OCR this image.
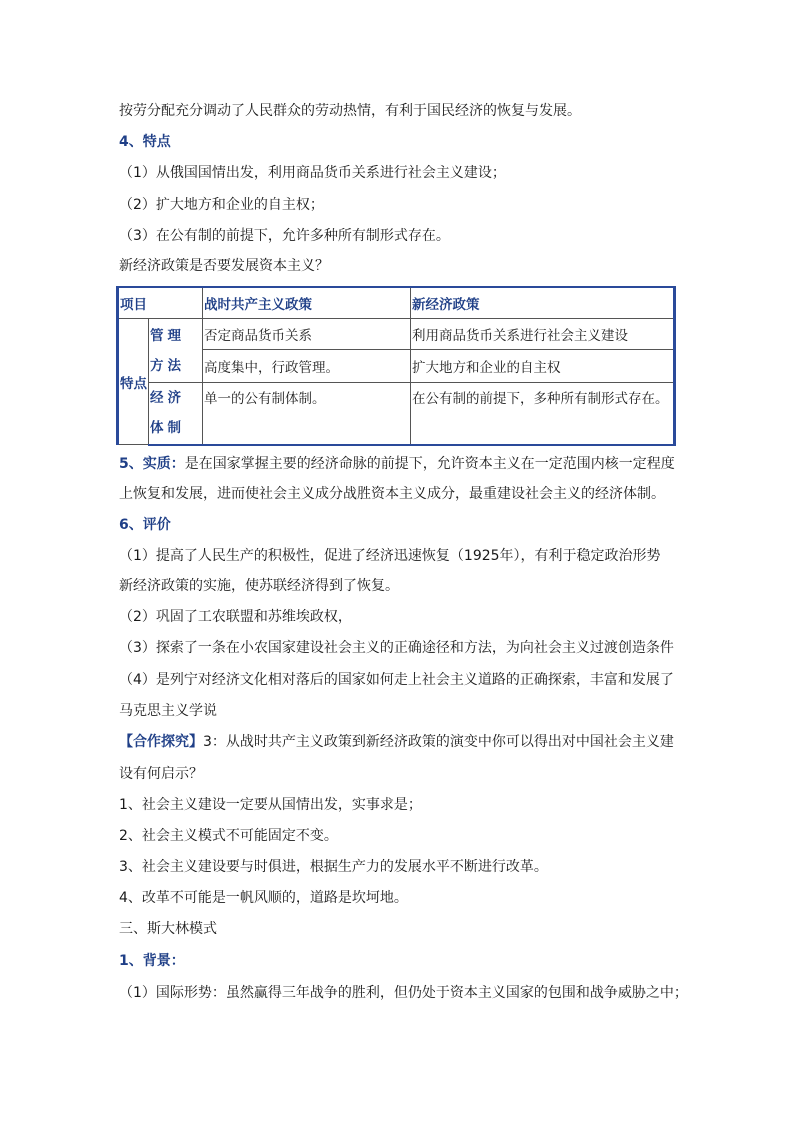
按劳分配充分调动了人民群众的劳动热情，有利于国民经济的恢复与发展。
4、特点
（1）从俄国国情出发，利用商品货币关系进行社会主义建设；
（2）扩大地方和企业的自主权；
（3）在公有制的前提下，允许多种所有制形式存在。
新经济政策是否要发展资本主义？
项目		战时共产主义政策	新经济政策
特点	管理方法	否定商品货币关系	利用商品货币关系进行社会主义建设
		高度集中，行政管理。	扩大地方和企业的自主权
	经济体制	单一的公有制体制。	在公有制的前提下，多种所有制形式存在。
5、实质：是在国家掌握主要的经济命脉的前提下，允许资本主义在一定范围内核一定程度
上恢复和发展，进而使社会主义成分战胜资本主义成分，最重建设社会主义的经济体制。
6、评价
（1）提高了人民生产的积极性，促进了经济迅速恢复（1925年），有利于稳定政治形势
新经济政策的实施，使苏联经济得到了恢复。
（2）巩固了工农联盟和苏维埃政权，
（3）探索了一条在小农国家建设社会主义的正确途径和方法，为向社会主义过渡创造条件
（4）是列宁对经济文化相对落后的国家如何走上社会主义道路的正确探索，丰富和发展了
马克思主义学说
【合作探究】3：从战时共产主义政策到新经济政策的演变中你可以得出对中国社会主义建
设有何启示？
1、社会主义建设一定要从国情出发，实事求是；
2、社会主义模式不可能固定不变。
3、社会主义建设要与时俱进，根据生产力的发展水平不断进行改革。
4、改革不可能是一帆风顺的，道路是坎坷地。
三、斯大林模式
1、背景：
（1）国际形势：虽然赢得三年战争的胜利，但仍处于资本主义国家的包围和战争威胁之中；
